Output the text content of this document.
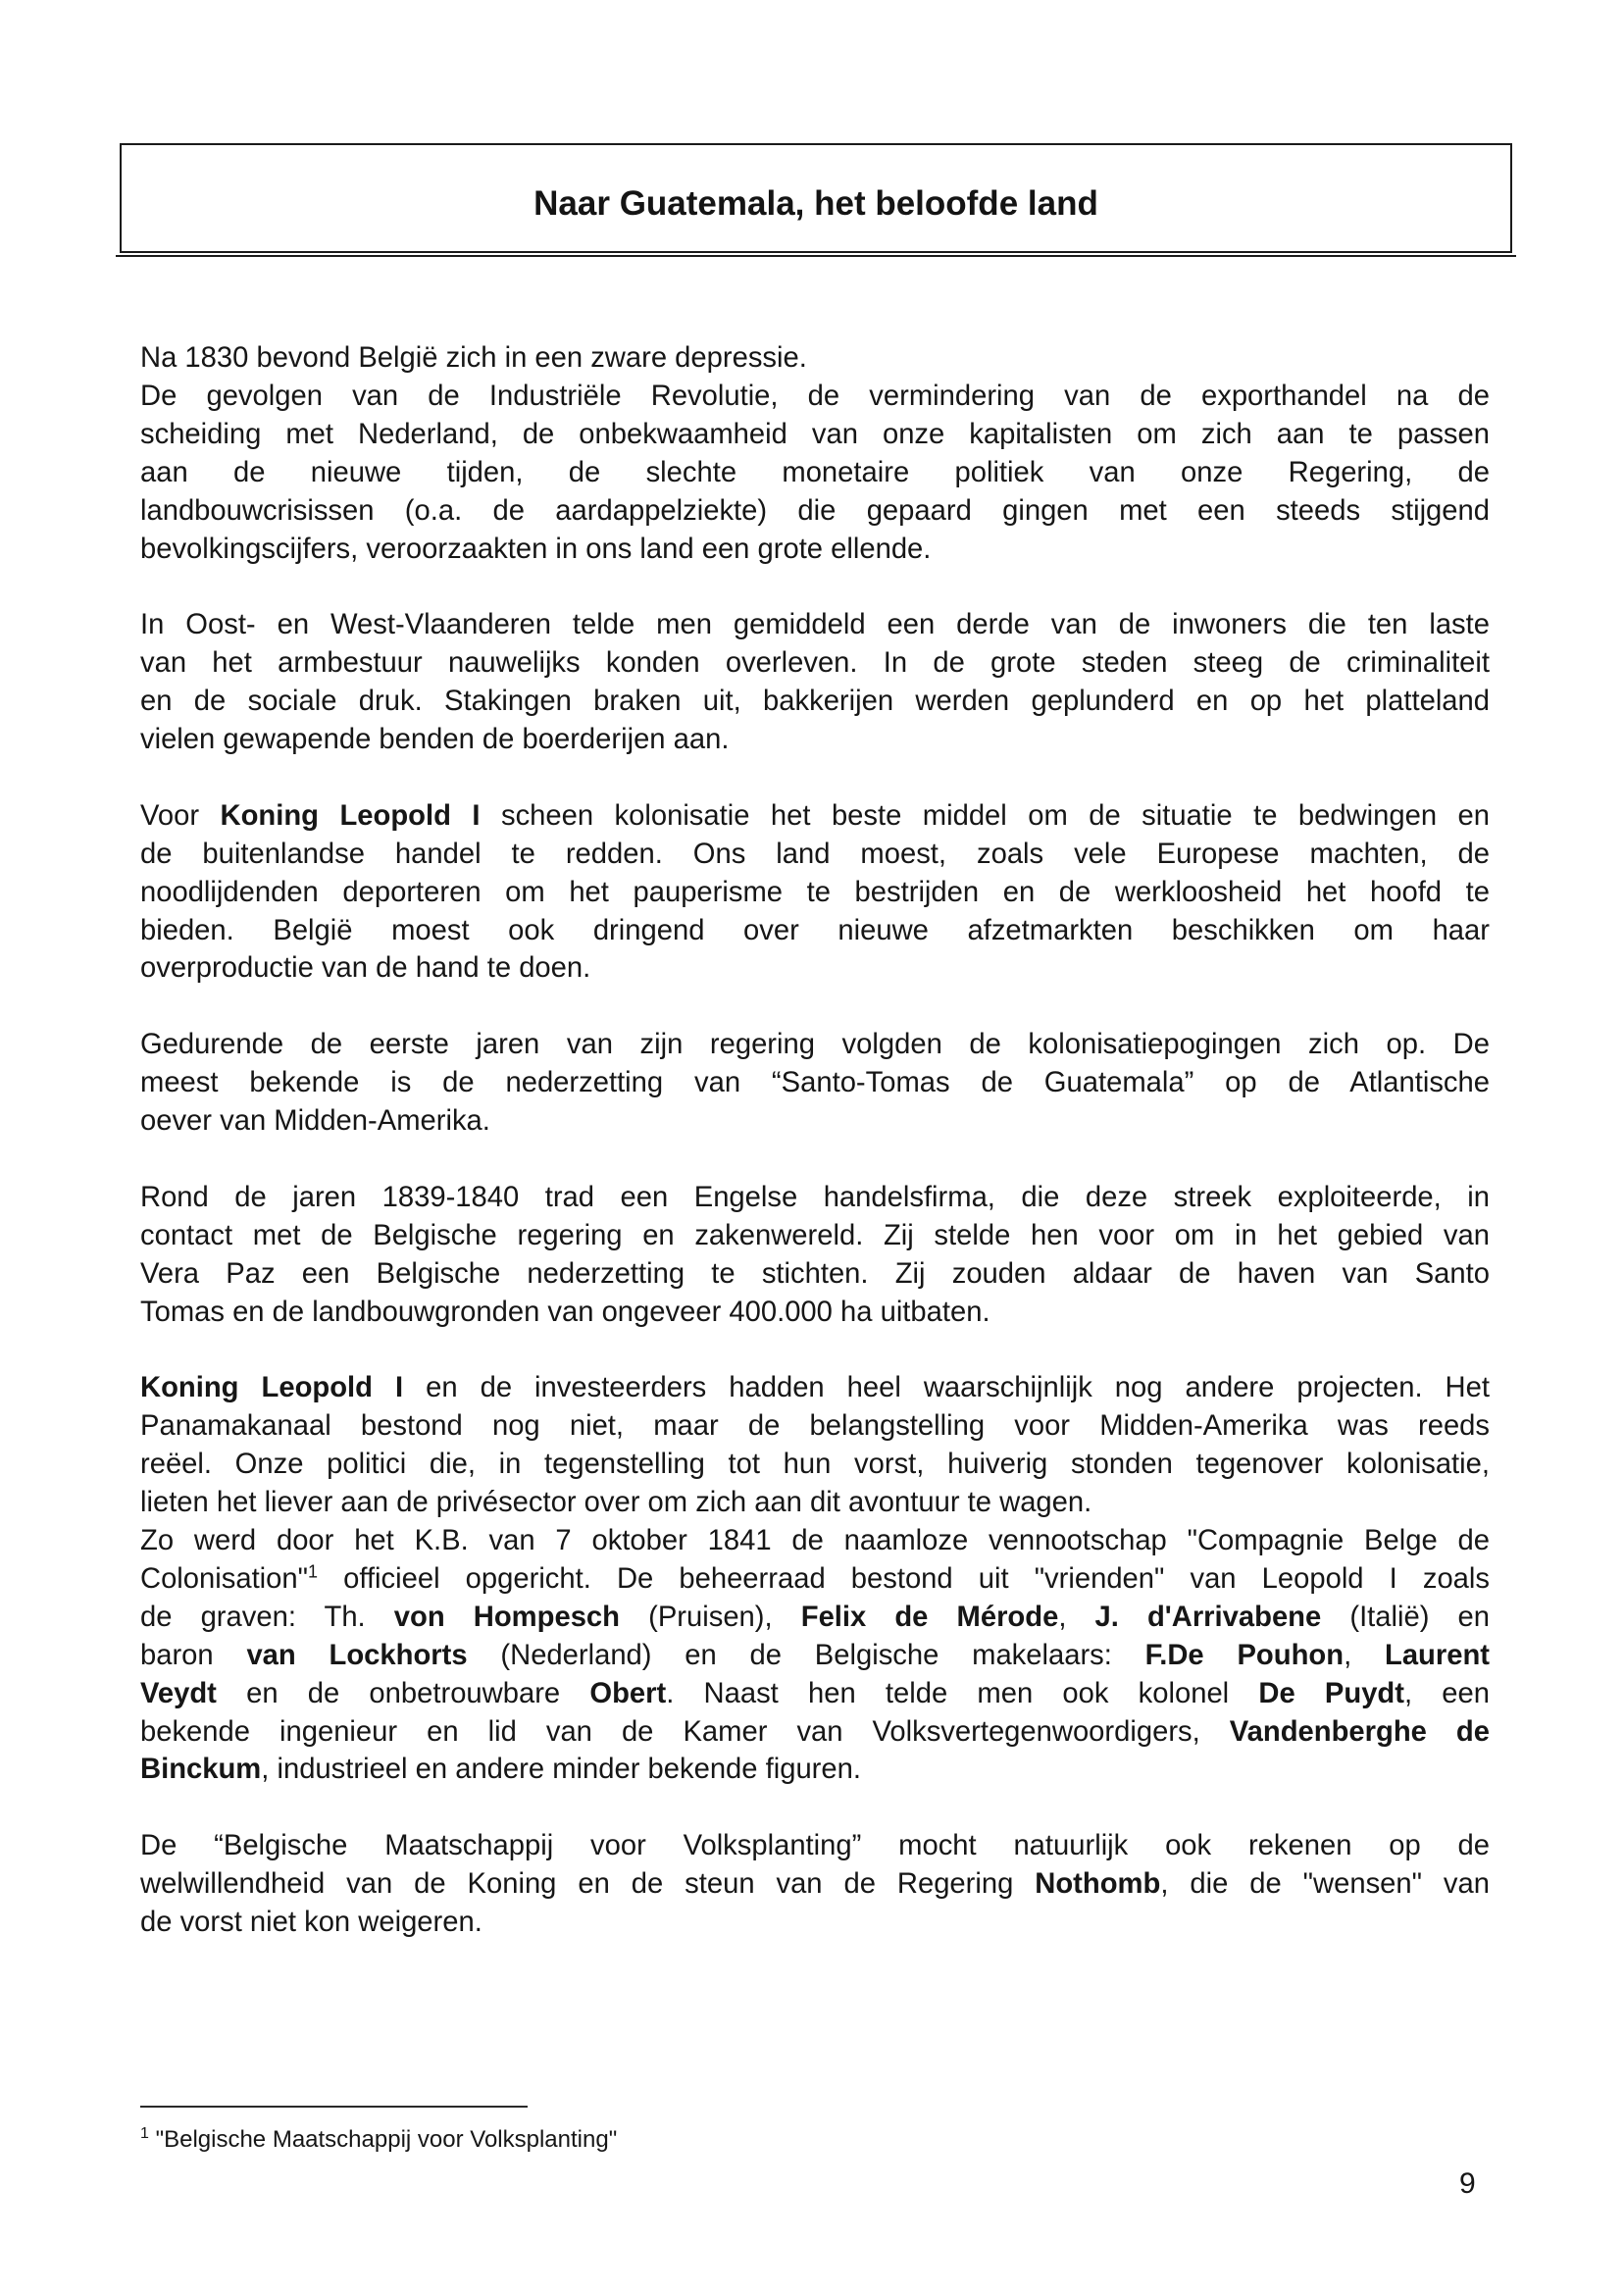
Naar Guatemala, het beloofde land

Na 1830 bevond België zich in een zware depressie.
De gevolgen van de Industriële Revolutie, de vermindering van de exporthandel na de
scheiding met Nederland, de onbekwaamheid van onze kapitalisten om zich aan te passen
aan de nieuwe tijden, de slechte monetaire politiek van onze Regering, de
landbouwcrisissen (o.a. de aardappelziekte) die gepaard gingen met een steeds stijgend
bevolkingscijfers, veroorzaakten in ons land een grote ellende.

In Oost- en West-Vlaanderen telde men gemiddeld een derde van de inwoners die ten laste
van het armbestuur nauwelijks konden overleven. In de grote steden steeg de criminaliteit
en de sociale druk. Stakingen braken uit, bakkerijen werden geplunderd en op het platteland
vielen gewapende benden de boerderijen aan.

Voor Koning Leopold I scheen kolonisatie het beste middel om de situatie te bedwingen en
de buitenlandse handel te redden. Ons land moest, zoals vele Europese machten, de
noodlijdenden deporteren om het pauperisme te bestrijden en de werkloosheid het hoofd te
bieden. België moest ook dringend over nieuwe afzetmarkten beschikken om haar
overproductie van de hand te doen.

Gedurende de eerste jaren van zijn regering volgden de kolonisatiepogingen zich op. De
meest bekende is de nederzetting van “Santo-Tomas de Guatemala” op de Atlantische
oever van Midden-Amerika.

Rond de jaren 1839-1840 trad een Engelse handelsfirma, die deze streek exploiteerde, in
contact met de Belgische regering en zakenwereld. Zij stelde hen voor om in het gebied van
Vera Paz een Belgische nederzetting te stichten. Zij zouden aldaar de haven van Santo
Tomas en de landbouwgronden van ongeveer 400.000 ha uitbaten.

Koning Leopold I en de investeerders hadden heel waarschijnlijk nog andere projecten. Het
Panamakanaal bestond nog niet, maar de belangstelling voor Midden-Amerika was reeds
reëel. Onze politici die, in tegenstelling tot hun vorst, huiverig stonden tegenover kolonisatie,
lieten het liever aan de privésector over om zich aan dit avontuur te wagen.
Zo werd door het K.B. van 7 oktober 1841 de naamloze vennootschap "Compagnie Belge de
Colonisation"$^1$ officieel opgericht. De beheerraad bestond uit "vrienden" van Leopold I zoals
de graven: Th. von Hompesch (Pruisen), Felix de Mérode, J. d'Arrivabene (Italië) en
baron van Lockhorts (Nederland) en de Belgische makelaars: F.De Pouhon, Laurent
Veydt en de onbetrouwbare Obert. Naast hen telde men ook kolonel De Puydt, een
bekende ingenieur en lid van de Kamer van Volksvertegenwoordigers, Vandenberghe de
Binckum, industrieel en andere minder bekende figuren.

De “Belgische Maatschappij voor Volksplanting” mocht natuurlijk ook rekenen op de
welwillendheid van de Koning en de steun van de Regering Nothomb, die de "wensen" van
de vorst niet kon weigeren.

$^1$ "Belgische Maatschappij voor Volksplanting"
9
